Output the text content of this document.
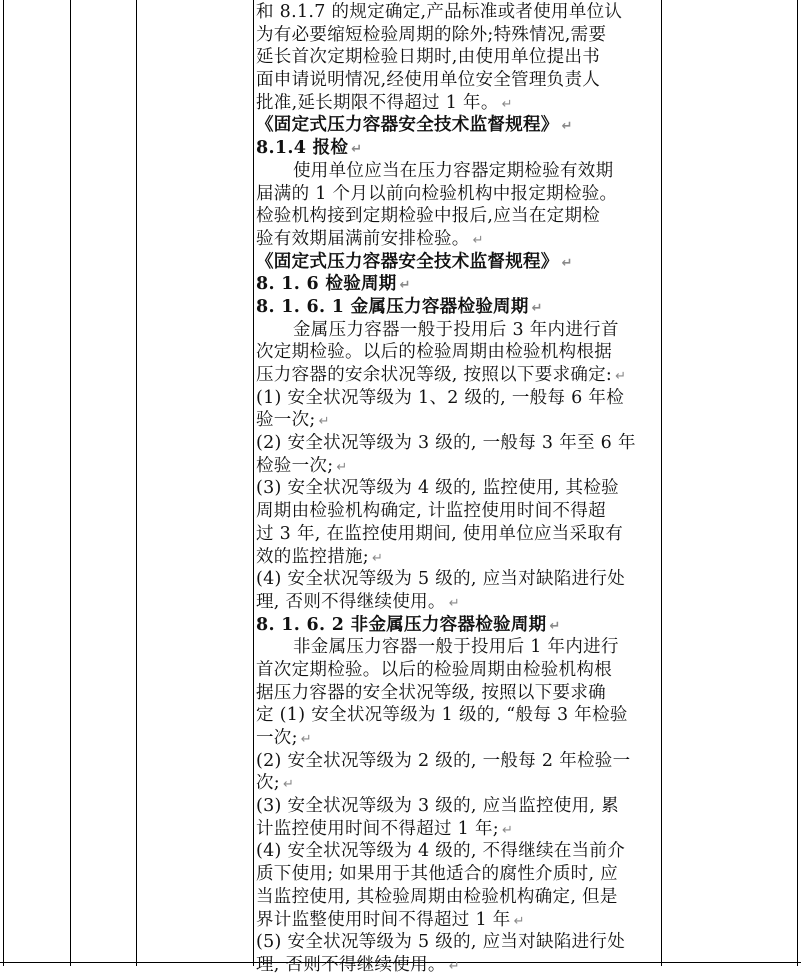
和 8.1.7 的规定确定,产品标准或者使用单位认
为有必要缩短检验周期的除外;特殊情况,需要
延长首次定期检验日期时,由使用单位提出书
面申请说明情况,经使用单位安全管理负责人
批准,延长期限不得超过 1 年。↵
《固定式压力容器安全技术监督规程》↵
8.1.4 报检↵
使用单位应当在压力容器定期检验有效期
届满的 1 个月以前向检验机构中报定期检验。
检验机构接到定期检验中报后,应当在定期检
验有效期届满前安排检验。↵
《固定式压力容器安全技术监督规程》↵
8. 1. 6 检验周期↵
8. 1. 6. 1 金属压力容器检验周期↵
金属压力容器一般于投用后 3 年内进行首
次定期检验。以后的检验周期由检验机构根据
压力容器的安余状况等级, 按照以下要求确定:↵
(1) 安全状况等级为 1、2 级的, 一般每 6 年检
验一次;↵
(2) 安全状况等级为 3 级的, 一般每 3 年至 6 年
检验一次;↵
(3) 安全状况等级为 4 级的, 监控使用, 其检验
周期由检验机构确定, 计监控使用时间不得超
过 3 年, 在监控使用期间, 使用单位应当采取有
效的监控措施;↵
(4) 安全状况等级为 5 级的, 应当对缺陷进行处
理, 否则不得继续使用。↵
8. 1. 6. 2 非金属压力容器检验周期↵
非金属压力容器一般于投用后 1 年内进行
首次定期检验。以后的检验周期由检验机构根
据压力容器的安全状况等级, 按照以下要求确
定 (1) 安全状况等级为 1 级的, “般每 3 年检验
一次;↵
(2) 安全状况等级为 2 级的, 一般每 2 年检验一
次;↵
(3) 安全状况等级为 3 级的, 应当监控使用, 累
计监控使用时间不得超过 1 年;↵
(4) 安全状况等级为 4 级的, 不得继续在当前介
质下使用; 如果用于其他适合的腐性介质时, 应
当监控使用, 其检验周期由检验机构确定, 但是
界计监整使用时间不得超过 1 年↵
(5) 安全状况等级为 5 级的, 应当对缺陷进行处
理, 否则不得继续使用。↵
